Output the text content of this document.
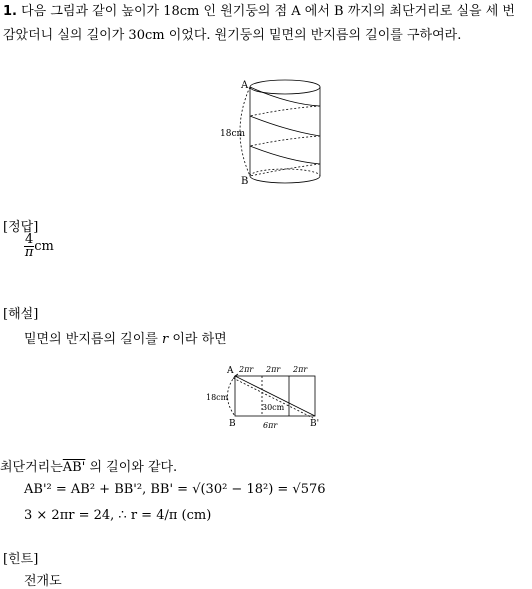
1. 다음 그림과 같이 높이가 18cm 인 원기둥의 점 A 에서 B 까지의 최단거리로 실을 세 번 감았더니 실의 길이가 30cm 이었다. 원기둥의 밑면의 반지름의 길이를 구하여라.
A
B
18cm
[정답]
$\frac{4}{\pi}$ cm
[해설]
밑면의 반지름의 길이를 r 이라 하면
A
B	B'
18cm
30cm
2πr 2πr 2πr
6πr
최단거리는AB' 의 길이와 같다.
AB'² = AB² + BB'², BB' = √(30² − 18²) = √576
3 × 2πr = 24, ∴ r = 4/π (cm)
[힌트]
전개도
